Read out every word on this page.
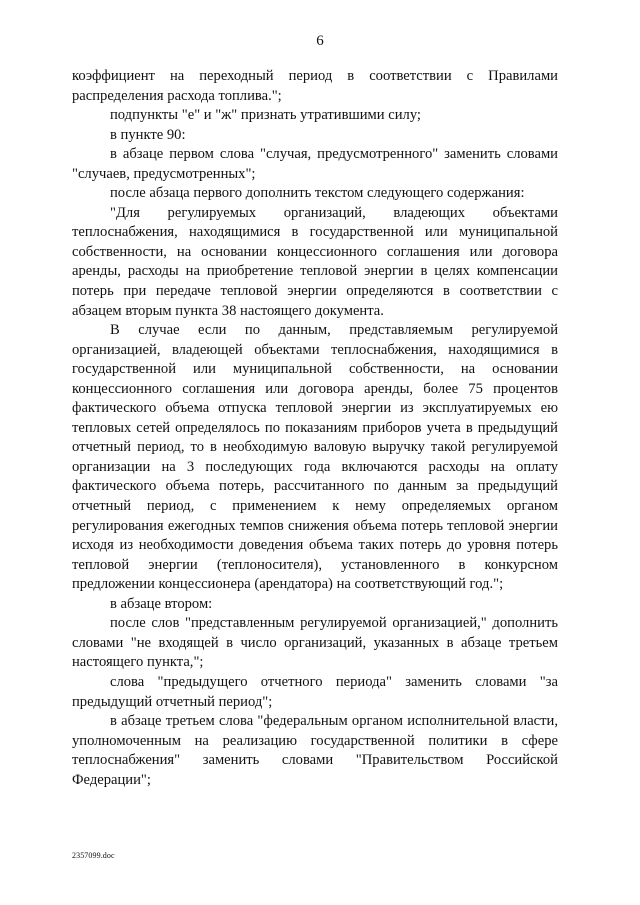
6

коэффициент на переходный период в соответствии с Правилами распределения расхода топлива.";

подпункты "е" и "ж" признать утратившими силу;

в пункте 90:

в абзаце первом слова "случая, предусмотренного" заменить словами "случаев, предусмотренных";

после абзаца первого дополнить текстом следующего содержания:

"Для регулируемых организаций, владеющих объектами теплоснабжения, находящимися в государственной или муниципальной собственности, на основании концессионного соглашения или договора аренды, расходы на приобретение тепловой энергии в целях компенсации потерь при передаче тепловой энергии определяются в соответствии с абзацем вторым пункта 38 настоящего документа.

В случае если по данным, представляемым регулируемой организацией, владеющей объектами теплоснабжения, находящимися в государственной или муниципальной собственности, на основании концессионного соглашения или договора аренды, более 75 процентов фактического объема отпуска тепловой энергии из эксплуатируемых ею тепловых сетей определялось по показаниям приборов учета в предыдущий отчетный период, то в необходимую валовую выручку такой регулируемой организации на 3 последующих года включаются расходы на оплату фактического объема потерь, рассчитанного по данным за предыдущий отчетный период, с применением к нему определяемых органом регулирования ежегодных темпов снижения объема потерь тепловой энергии исходя из необходимости доведения объема таких потерь до уровня потерь тепловой энергии (теплоносителя), установленного в конкурсном предложении концессионера (арендатора) на соответствующий год.";

в абзаце втором:

после слов "представленным регулируемой организацией," дополнить словами "не входящей в число организаций, указанных в абзаце третьем настоящего пункта,";

слова "предыдущего отчетного периода" заменить словами "за предыдущий отчетный период";

в абзаце третьем слова "федеральным органом исполнительной власти, уполномоченным на реализацию государственной политики в сфере теплоснабжения" заменить словами "Правительством Российской Федерации";

2357099.doc
